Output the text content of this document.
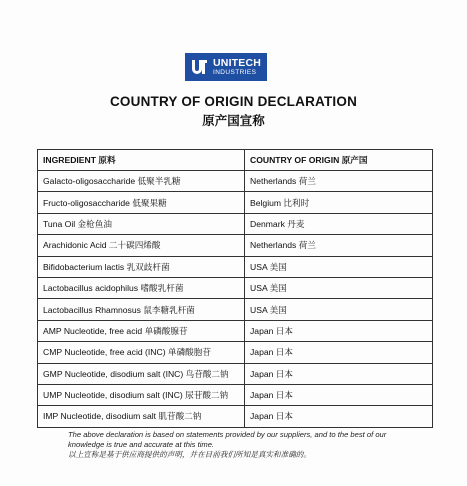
UNITECH
INDUSTRIES
COUNTRY OF ORIGIN DECLARATION
原产国宣称
INGREDIENT 原料	COUNTRY OF ORIGIN 原产国
Galacto-oligosaccharide 低聚半乳糖	Netherlands 荷兰
Fructo-oligosaccharide 低聚果糖	Belgium 比利时
Tuna Oil 金枪鱼油	Denmark 丹麦
Arachidonic Acid 二十碳四烯酸	Netherlands 荷兰
Bifidobacterium lactis 乳双歧杆菌	USA 美国
Lactobacillus acidophilus 嗜酸乳杆菌	USA 美国
Lactobacillus Rhamnosus 鼠李糖乳杆菌	USA 美国
AMP Nucleotide, free acid 单磷酸腺苷	Japan 日本
CMP Nucleotide, free acid (INC) 单磷酸胞苷	Japan 日本
GMP Nucleotide, disodium salt (INC) 鸟苷酸二钠	Japan 日本
UMP Nucleotide, disodium salt (INC) 尿苷酸二钠	Japan 日本
IMP Nucleotide, disodium salt 肌苷酸二钠	Japan 日本
The above declaration is based on statements provided by our suppliers, and to the best of our knowledge is true and accurate at this time.
以上宣称是基于供应商提供的声明，并在目前我们所知是真实和准确的。
